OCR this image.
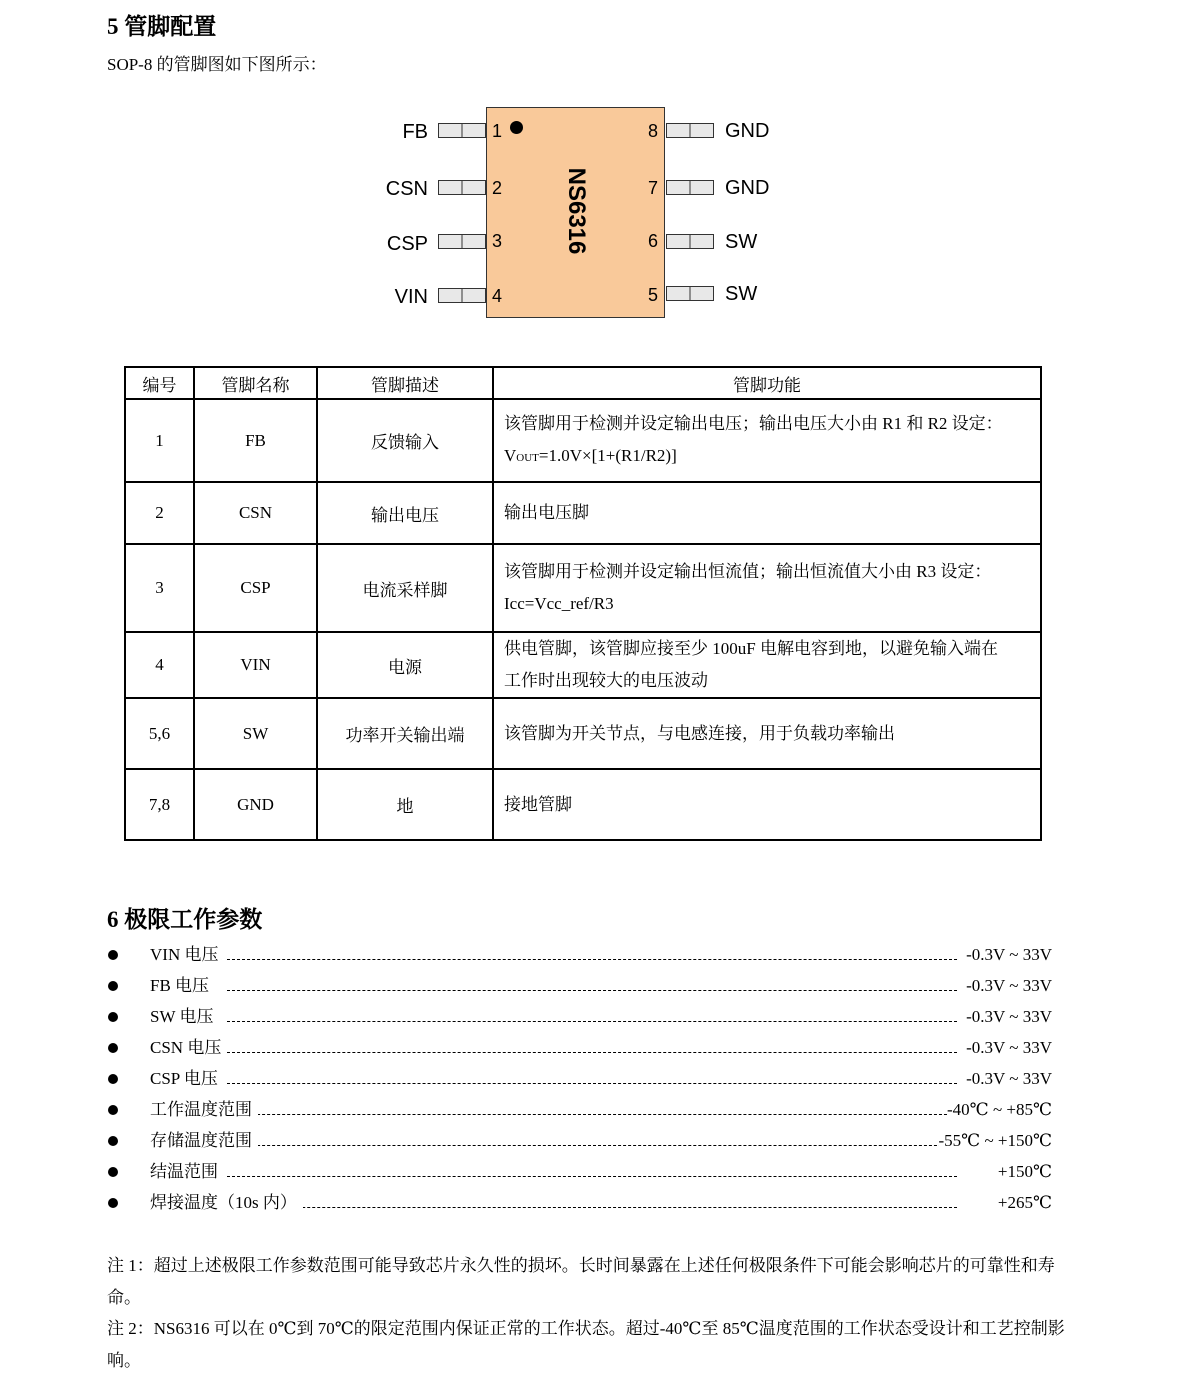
5 管脚配置
SOP-8 的管脚图如下图所示：
NS6316
FB
CSN
CSP
VIN
1
2
3
4
GND
GND
SW
SW
8
7
6
5
编号	管脚名称	管脚描述	管脚功能
1	FB	反馈输入	该管脚用于检测并设定输出电压；输出电压大小由 R1 和 R2 设定：
VOUT=1.0V×[1+(R1/R2)]

2	CSN	输出电压	输出电压脚
3	CSP	电流采样脚	该管脚用于检测并设定输出恒流值；输出恒流值大小由 R3 设定：
Icc=Vcc_ref/R3

4	VIN	电源	供电管脚，该管脚应接至少 100uF 电解电容到地，以避免输入端在
工作时出现较大的电压波动

5,6	SW	功率开关输出端	该管脚为开关节点，与电感连接，用于负载功率输出
7,8	GND	地	接地管脚
6 极限工作参数
VIN 电压	-0.3V ~ 33V
FB 电压	-0.3V ~ 33V
SW 电压	-0.3V ~ 33V
CSN 电压	-0.3V ~ 33V
CSP 电压	-0.3V ~ 33V
工作温度范围	-40℃ ~ +85℃
存储温度范围	-55℃ ~ +150℃
结温范围	+150℃
焊接温度（10s 内）	+265℃
注 1：超过上述极限工作参数范围可能导致芯片永久性的损坏。长时间暴露在上述任何极限条件下可能会影响芯片的可靠性和寿命。
注 2：NS6316 可以在 0℃到 70℃的限定范围内保证正常的工作状态。超过-40℃至 85℃温度范围的工作状态受设计和工艺控制影响。
